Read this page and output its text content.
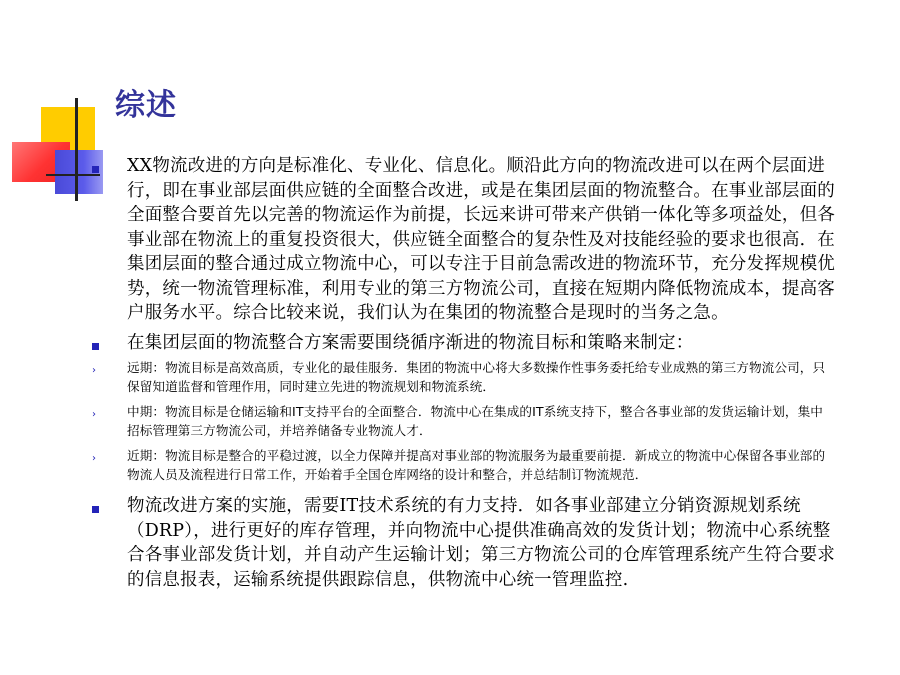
综述
XX物流改进的方向是标准化、专业化、信息化。顺沿此方向的物流改进可以在两个层面进行，即在事业部层面供应链的全面整合改进，或是在集团层面的物流整合。在事业部层面的全面整合要首先以完善的物流运作为前提，长远来讲可带来产供销一体化等多项益处，但各事业部在物流上的重复投资很大，供应链全面整合的复杂性及对技能经验的要求也很高．在集团层面的整合通过成立物流中心，可以专注于目前急需改进的物流环节，充分发挥规模优势，统一物流管理标准，利用专业的第三方物流公司，直接在短期内降低物流成本，提高客户服务水平。综合比较来说，我们认为在集团的物流整合是现时的当务之急。
在集团层面的物流整合方案需要围绕循序渐进的物流目标和策略来制定：
› 远期：物流目标是高效高质，专业化的最佳服务．集团的物流中心将大多数操作性事务委托给专业成熟的第三方物流公司，只保留知道监督和管理作用，同时建立先进的物流规划和物流系统．
› 中期：物流目标是仓储运输和IT支持平台的全面整合．物流中心在集成的IT系统支持下，整合各事业部的发货运输计划，集中招标管理第三方物流公司，并培养储备专业物流人才．
› 近期：物流目标是整合的平稳过渡，以全力保障并提高对事业部的物流服务为最重要前提．新成立的物流中心保留各事业部的物流人员及流程进行日常工作，开始着手全国仓库网络的设计和整合，并总结制订物流规范．
物流改进方案的实施，需要IT技术系统的有力支持．如各事业部建立分销资源规划系统（DRP），进行更好的库存管理，并向物流中心提供准确高效的发货计划；物流中心系统整合各事业部发货计划，并自动产生运输计划；第三方物流公司的仓库管理系统产生符合要求的信息报表，运输系统提供跟踪信息，供物流中心统一管理监控.
